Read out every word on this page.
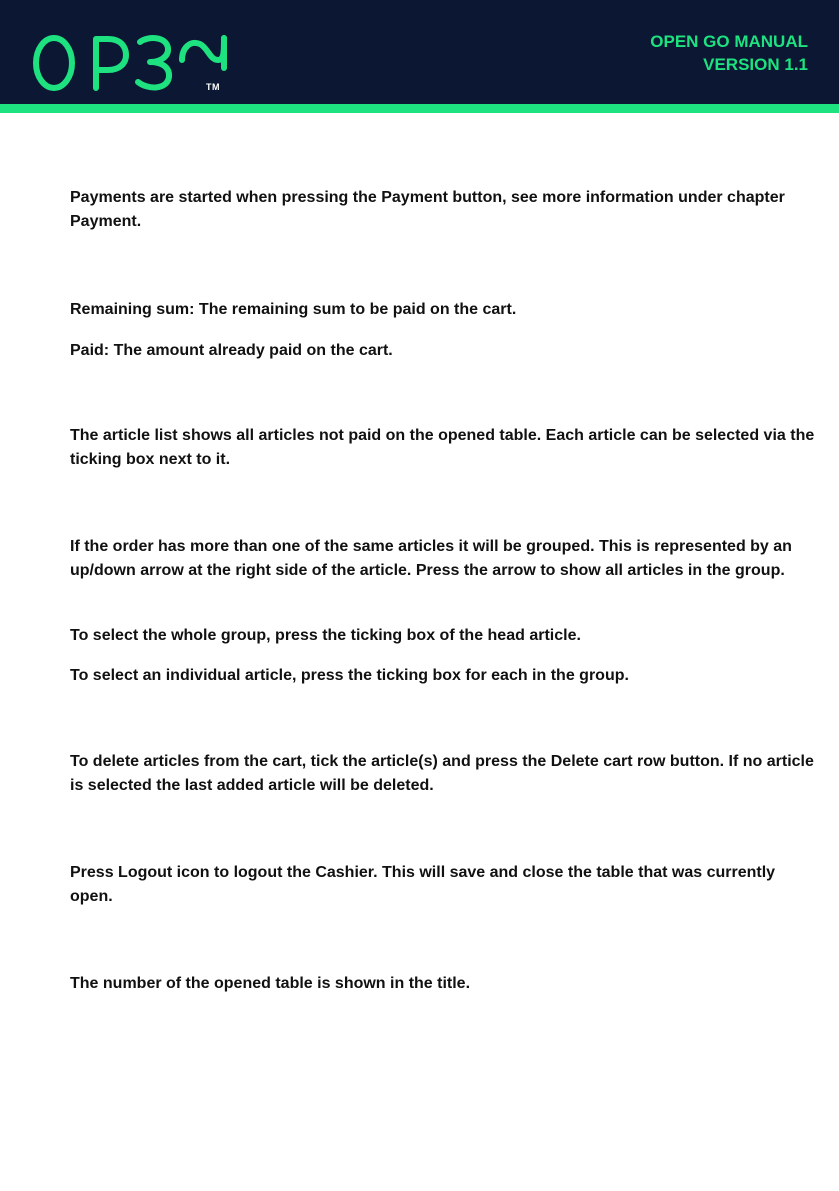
TM
OPEN GO MANUAL
VERSION 1.1

Payments are started when pressing the Payment button, see more information under chapter Payment.

Remaining sum: The remaining sum to be paid on the cart.

Paid: The amount already paid on the cart.

The article list shows all articles not paid on the opened table. Each article can be selected via the ticking box next to it.

If the order has more than one of the same articles it will be grouped. This is represented by an up/down arrow at the right side of the article. Press the arrow to show all articles in the group.

To select the whole group, press the ticking box of the head article.

To select an individual article, press the ticking box for each in the group.

To delete articles from the cart, tick the article(s) and press the Delete cart row button. If no article is selected the last added article will be deleted.

Press Logout icon to logout the Cashier. This will save and close the table that was currently open.

The number of the opened table is shown in the title.
